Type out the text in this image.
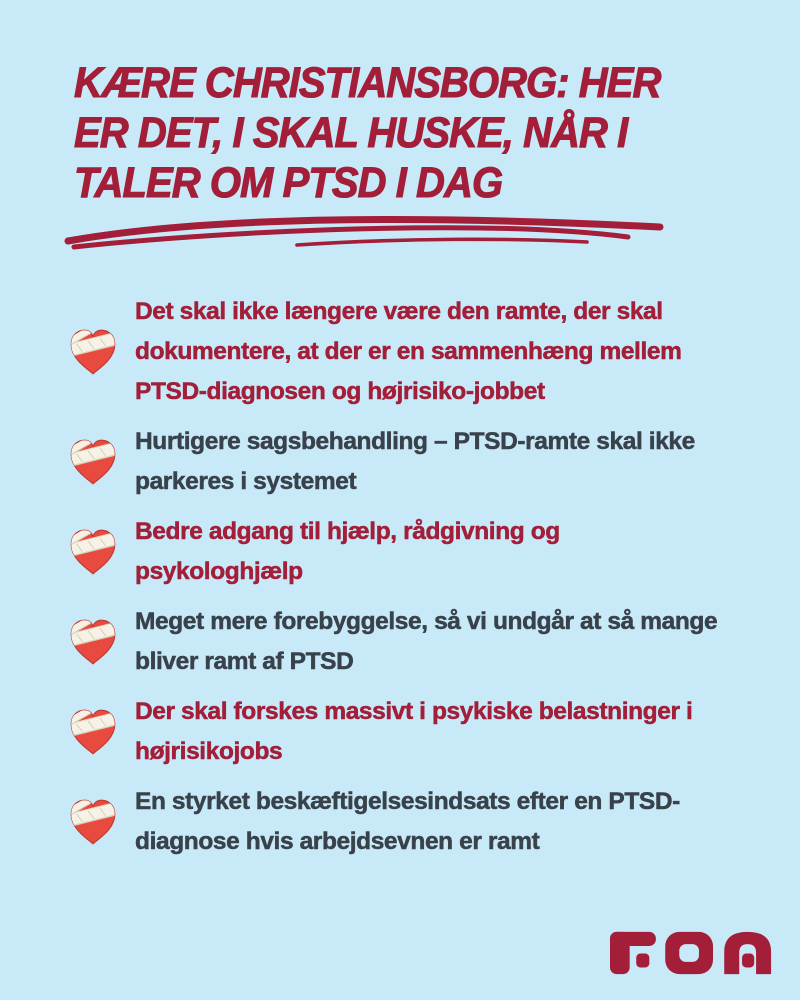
KÆRE CHRISTIANSBORG: HER
ER DET, I SKAL HUSKE, NÅR I
TALER OM PTSD I DAG

Det skal ikke længere være den ramte, der skal dokumentere, at der er en sammenhæng mellem PTSD-diagnosen og højrisiko-jobbet

Hurtigere sagsbehandling – PTSD-ramte skal ikke parkeres i systemet

Bedre adgang til hjælp, rådgivning og psykologhjælp

Meget mere forebyggelse, så vi undgår at så mange bliver ramt af PTSD

Der skal forskes massivt i psykiske belastninger i højrisikojobs

En styrket beskæftigelsesindsats efter en PTSD-diagnose hvis arbejdsevnen er ramt
